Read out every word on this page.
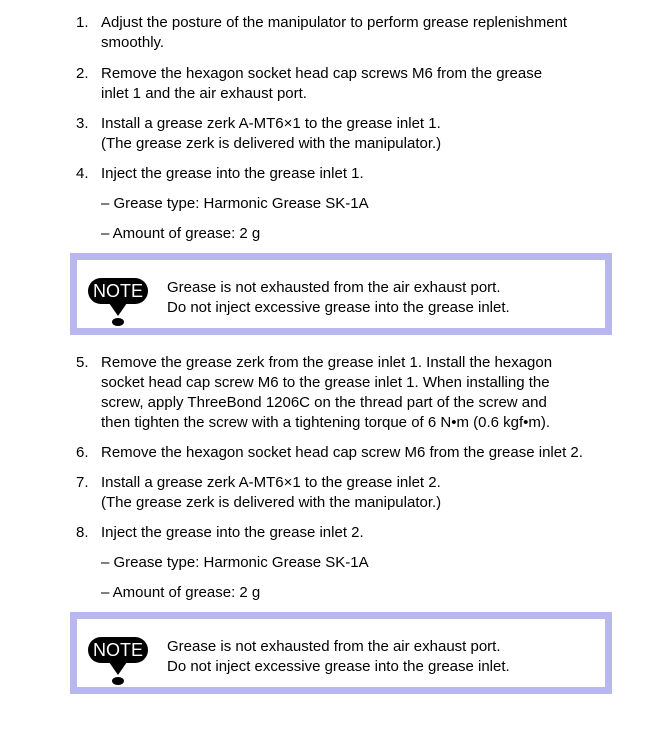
1. Adjust the posture of the manipulator to perform grease replenishment
smoothly.
2. Remove the hexagon socket head cap screws M6 from the grease
inlet 1 and the air exhaust port.
3. Install a grease zerk A-MT6×1 to the grease inlet 1.
(The grease zerk is delivered with the manipulator.)
4. Inject the grease into the grease inlet 1.
– Grease type: Harmonic Grease SK-1A
– Amount of grease: 2 g
NOTE Grease is not exhausted from the air exhaust port.
Do not inject excessive grease into the grease inlet.
5. Remove the grease zerk from the grease inlet 1. Install the hexagon
socket head cap screw M6 to the grease inlet 1. When installing the
screw, apply ThreeBond 1206C on the thread part of the screw and
then tighten the screw with a tightening torque of 6 N•m (0.6 kgf•m).
6. Remove the hexagon socket head cap screw M6 from the grease inlet 2.
7. Install a grease zerk A-MT6×1 to the grease inlet 2.
(The grease zerk is delivered with the manipulator.)
8. Inject the grease into the grease inlet 2.
– Grease type: Harmonic Grease SK-1A
– Amount of grease: 2 g
NOTE Grease is not exhausted from the air exhaust port.
Do not inject excessive grease into the grease inlet.
